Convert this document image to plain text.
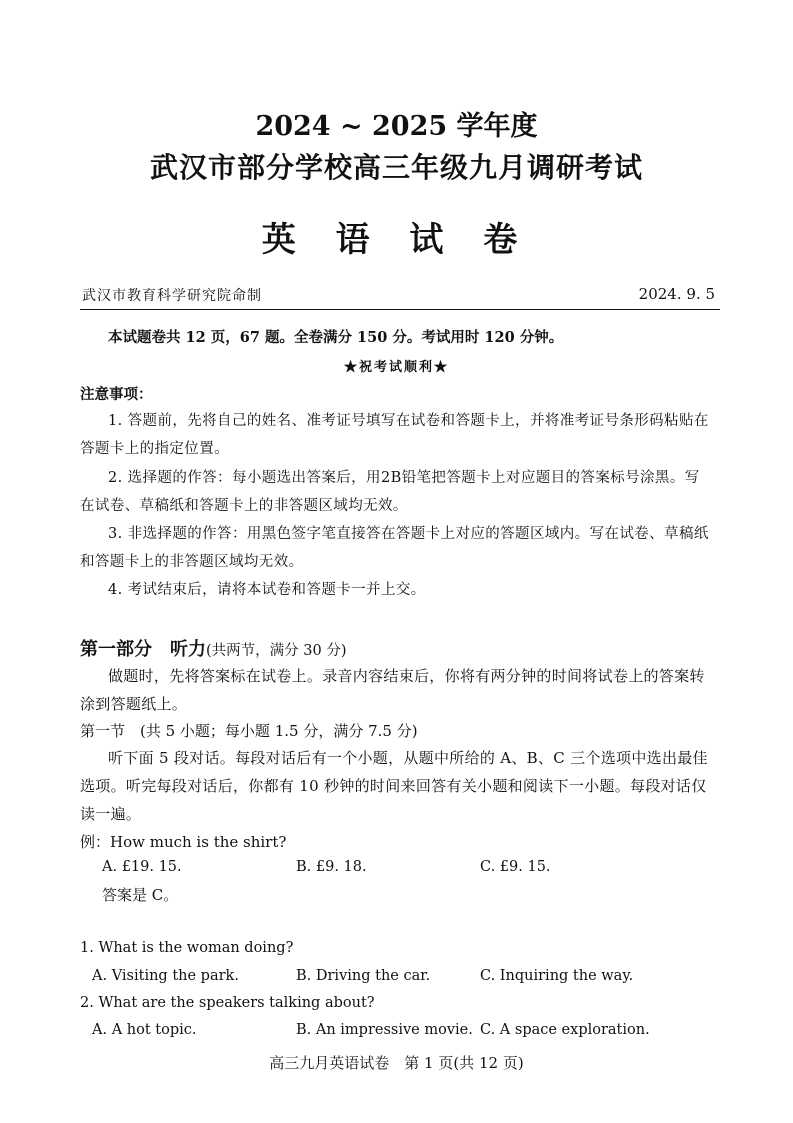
2024 ~ 2025 学年度
武汉市部分学校高三年级九月调研考试
英 语 试 卷
武汉市教育科学研究院命制	2024. 9. 5
本试题卷共 12 页，67 题。全卷满分 150 分。考试用时 120 分钟。
★祝考试顺利★
注意事项：
1. 答题前，先将自己的姓名、准考证号填写在试卷和答题卡上，并将准考证号条形码粘贴在答题卡上的指定位置。
2. 选择题的作答：每小题选出答案后，用2B铅笔把答题卡上对应题目的答案标号涂黑。写在试卷、草稿纸和答题卡上的非答题区域均无效。
3. 非选择题的作答：用黑色签字笔直接答在答题卡上对应的答题区域内。写在试卷、草稿纸和答题卡上的非答题区域均无效。
4. 考试结束后，请将本试卷和答题卡一并上交。
第一部分　听力(共两节，满分 30 分)
做题时，先将答案标在试卷上。录音内容结束后，你将有两分钟的时间将试卷上的答案转涂到答题纸上。
第一节　(共 5 小题；每小题 1.5 分，满分 7.5 分)
听下面 5 段对话。每段对话后有一个小题，从题中所给的 A、B、C 三个选项中选出最佳选项。听完每段对话后，你都有 10 秒钟的时间来回答有关小题和阅读下一小题。每段对话仅读一遍。
例：How much is the shirt?
A. £19. 15.	B. £9. 18.	C. £9. 15.
答案是 C。
1. What is the woman doing?
A. Visiting the park.	B. Driving the car.	C. Inquiring the way.
2. What are the speakers talking about?
A. A hot topic.	B. An impressive movie. C. A space exploration.
高三九月英语试卷　第 1 页(共 12 页)
